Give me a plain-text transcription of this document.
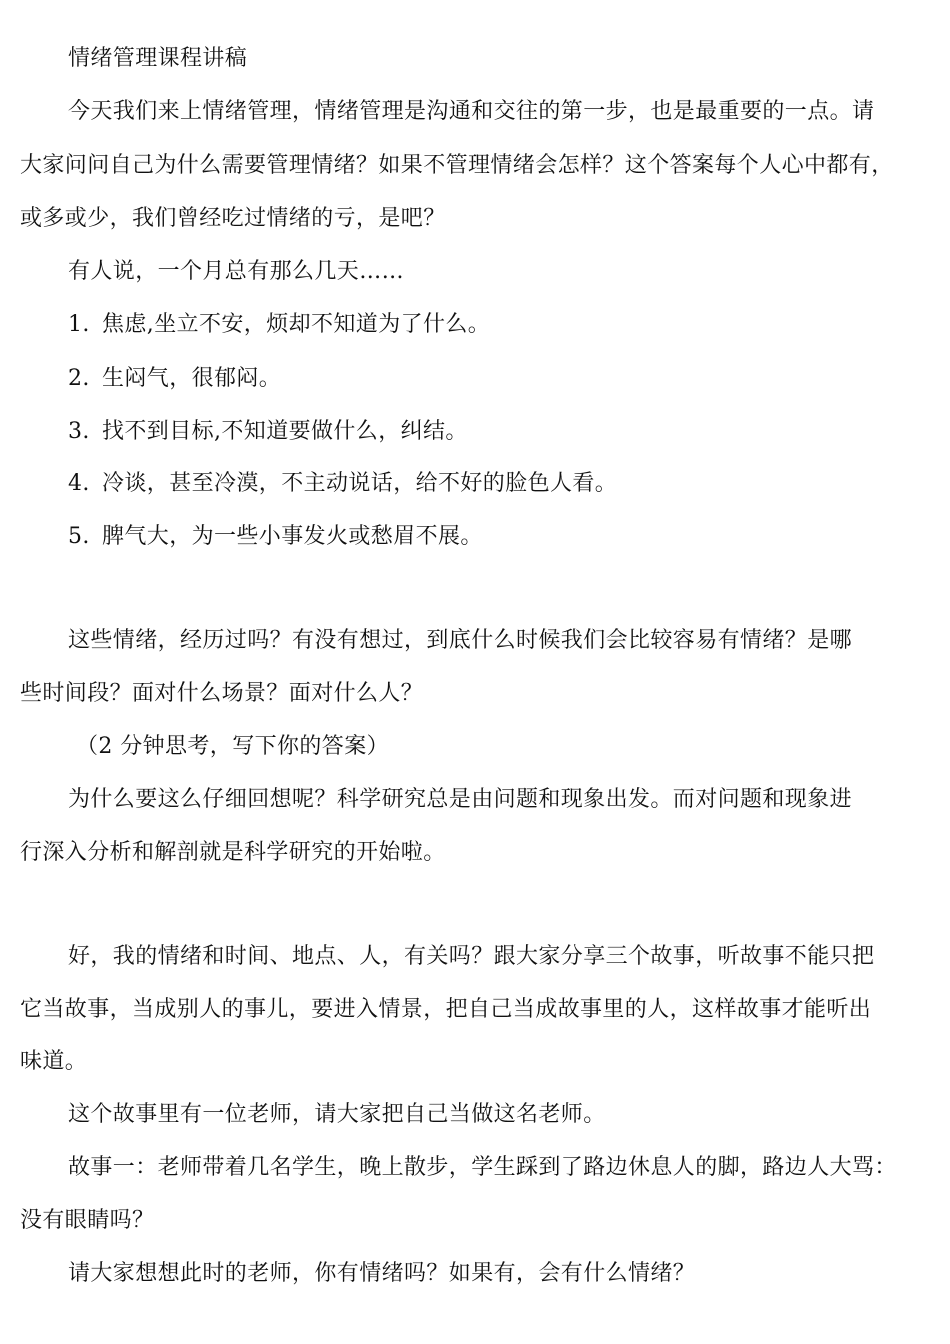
情绪管理课程讲稿
今天我们来上情绪管理，情绪管理是沟通和交往的第一步，也是最重要的一点。请
大家问问自己为什么需要管理情绪？如果不管理情绪会怎样？这个答案每个人心中都有，
或多或少，我们曾经吃过情绪的亏，是吧？
有人说，一个月总有那么几天……
1. 焦虑,坐立不安，烦却不知道为了什么。
2. 生闷气，很郁闷。
3. 找不到目标,不知道要做什么，纠结。
4. 冷谈，甚至冷漠，不主动说话，给不好的脸色人看。
5. 脾气大，为一些小事发火或愁眉不展。
这些情绪，经历过吗？有没有想过，到底什么时候我们会比较容易有情绪？是哪
些时间段？面对什么场景？面对什么人？
（2 分钟思考，写下你的答案）
为什么要这么仔细回想呢？科学研究总是由问题和现象出发。而对问题和现象进
行深入分析和解剖就是科学研究的开始啦。
好，我的情绪和时间、地点、人，有关吗？跟大家分享三个故事，听故事不能只把
它当故事，当成别人的事儿，要进入情景，把自己当成故事里的人，这样故事才能听出
味道。
这个故事里有一位老师，请大家把自己当做这名老师。
故事一：老师带着几名学生，晚上散步，学生踩到了路边休息人的脚，路边人大骂：
没有眼睛吗？
请大家想想此时的老师，你有情绪吗？如果有，会有什么情绪？
